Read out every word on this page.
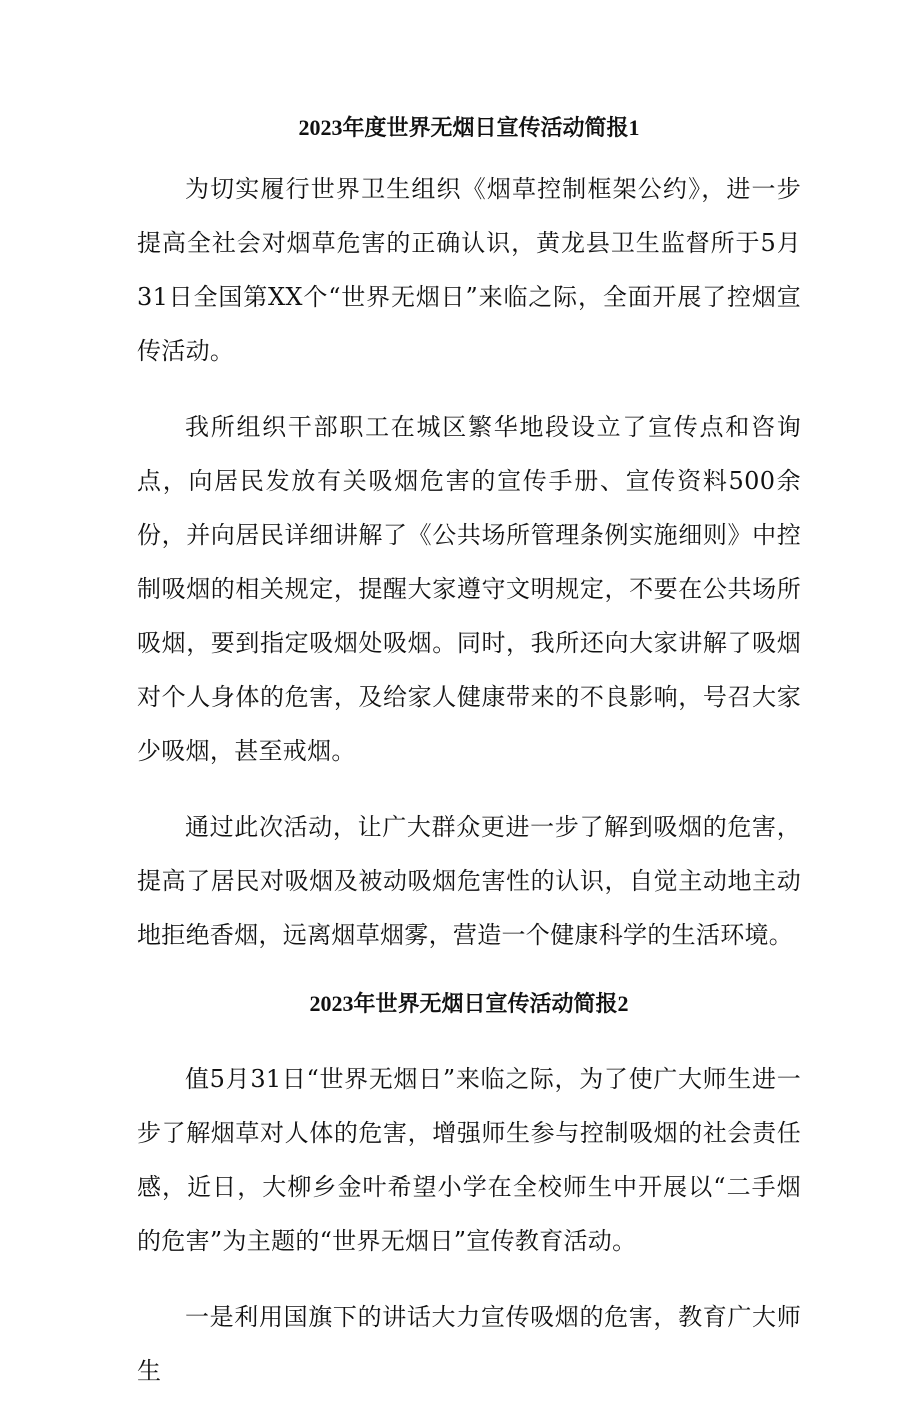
2023年度世界无烟日宣传活动简报1

为切实履行世界卫生组织《烟草控制框架公约》，进一步提高全社会对烟草危害的正确认识，黄龙县卫生监督所于5月31日全国第XX个“世界无烟日”来临之际，全面开展了控烟宣传活动。

我所组织干部职工在城区繁华地段设立了宣传点和咨询点，向居民发放有关吸烟危害的宣传手册、宣传资料500余份，并向居民详细讲解了《公共场所管理条例实施细则》中控制吸烟的相关规定，提醒大家遵守文明规定，不要在公共场所吸烟，要到指定吸烟处吸烟。同时，我所还向大家讲解了吸烟对个人身体的危害，及给家人健康带来的不良影响，号召大家少吸烟，甚至戒烟。

通过此次活动，让广大群众更进一步了解到吸烟的危害，提高了居民对吸烟及被动吸烟危害性的认识，自觉主动地主动地拒绝香烟，远离烟草烟雾，营造一个健康科学的生活环境。

2023年世界无烟日宣传活动简报2

值5月31日“世界无烟日”来临之际，为了使广大师生进一步了解烟草对人体的危害，增强师生参与控制吸烟的社会责任感，近日，大柳乡金叶希望小学在全校师生中开展以“二手烟的危害”为主题的“世界无烟日”宣传教育活动。

一是利用国旗下的讲话大力宣传吸烟的危害，教育广大师生
